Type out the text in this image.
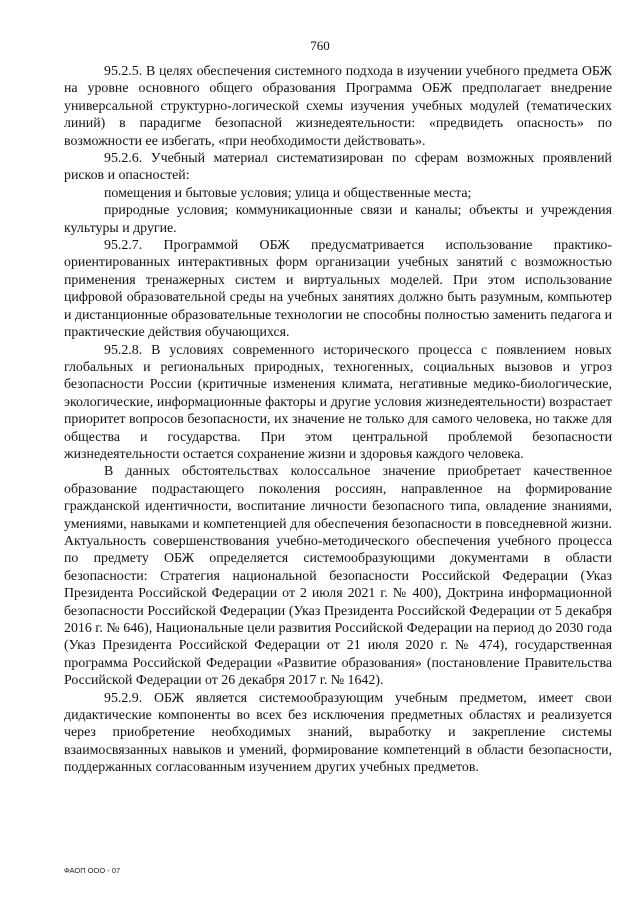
760

95.2.5. В целях обеспечения системного подхода в изучении учебного предмета ОБЖ на уровне основного общего образования Программа ОБЖ предполагает внедрение универсальной структурно-логической схемы изучения учебных модулей (тематических линий) в парадигме безопасной жизнедеятельности: «предвидеть опасность» по возможности ее избегать, «при необходимости действовать».

95.2.6. Учебный материал систематизирован по сферам возможных проявлений рисков и опасностей:

помещения и бытовые условия; улица и общественные места;

природные условия; коммуникационные связи и каналы; объекты и учреждения культуры и другие.

95.2.7. Программой ОБЖ предусматривается использование практико-ориентированных интерактивных форм организации учебных занятий с возможностью применения тренажерных систем и виртуальных моделей. При этом использование цифровой образовательной среды на учебных занятиях должно быть разумным, компьютер и дистанционные образовательные технологии не способны полностью заменить педагога и практические действия обучающихся.

95.2.8. В условиях современного исторического процесса с появлением новых глобальных и региональных природных, техногенных, социальных вызовов и угроз безопасности России (критичные изменения климата, негативные медико-биологические, экологические, информационные факторы и другие условия жизнедеятельности) возрастает приоритет вопросов безопасности, их значение не только для самого человека, но также для общества и государства. При этом центральной проблемой безопасности жизнедеятельности остается сохранение жизни и здоровья каждого человека.

В данных обстоятельствах колоссальное значение приобретает качественное образование подрастающего поколения россиян, направленное на формирование гражданской идентичности, воспитание личности безопасного типа, овладение знаниями, умениями, навыками и компетенцией для обеспечения безопасности в повседневной жизни. Актуальность совершенствования учебно-методического обеспечения учебного процесса по предмету ОБЖ определяется системообразующими документами в области безопасности: Стратегия национальной безопасности Российской Федерации (Указ Президента Российской Федерации от 2 июля 2021 г. № 400), Доктрина информационной безопасности Российской Федерации (Указ Президента Российской Федерации от 5 декабря 2016 г. № 646), Национальные цели развития Российской Федерации на период до 2030 года (Указ Президента Российской Федерации от 21 июля 2020 г. № 474), государственная программа Российской Федерации «Развитие образования» (постановление Правительства Российской Федерации от 26 декабря 2017 г. № 1642).

95.2.9. ОБЖ является системообразующим учебным предметом, имеет свои дидактические компоненты во всех без исключения предметных областях и реализуется через приобретение необходимых знаний, выработку и закрепление системы взаимосвязанных навыков и умений, формирование компетенций в области безопасности, поддержанных согласованным изучением других учебных предметов.

ФАОП ООО - 07
